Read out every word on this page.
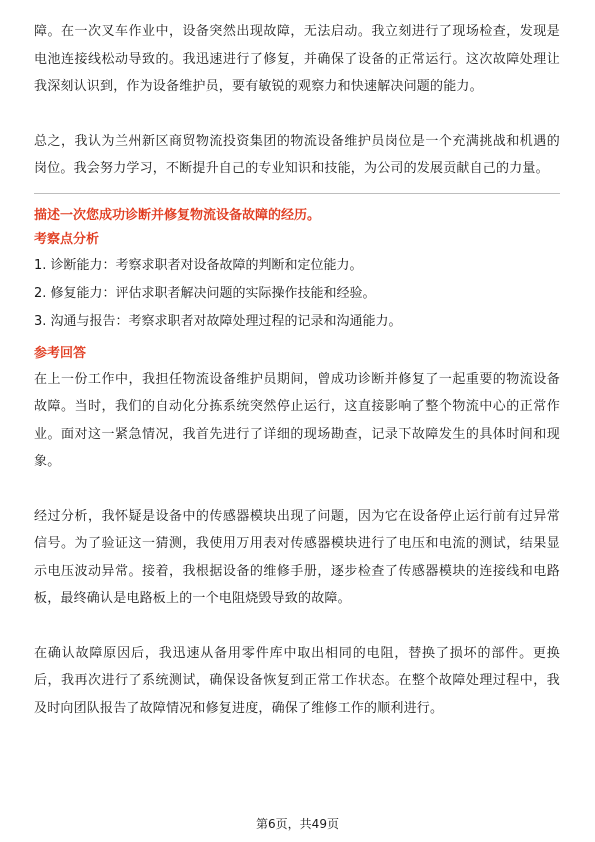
障。在一次叉车作业中，设备突然出现故障，无法启动。我立刻进行了现场检查，发现是电池连接线松动导致的。我迅速进行了修复，并确保了设备的正常运行。这次故障处理让我深刻认识到，作为设备维护员，要有敏锐的观察力和快速解决问题的能力。

总之，我认为兰州新区商贸物流投资集团的物流设备维护员岗位是一个充满挑战和机遇的岗位。我会努力学习，不断提升自己的专业知识和技能，为公司的发展贡献自己的力量。

描述一次您成功诊断并修复物流设备故障的经历。

考察点分析

1. 诊断能力：考察求职者对设备故障的判断和定位能力。

2. 修复能力：评估求职者解决问题的实际操作技能和经验。

3. 沟通与报告：考察求职者对故障处理过程的记录和沟通能力。

参考回答

在上一份工作中，我担任物流设备维护员期间，曾成功诊断并修复了一起重要的物流设备故障。当时，我们的自动化分拣系统突然停止运行，这直接影响了整个物流中心的正常作业。面对这一紧急情况，我首先进行了详细的现场勘查，记录下故障发生的具体时间和现象。

经过分析，我怀疑是设备中的传感器模块出现了问题，因为它在设备停止运行前有过异常信号。为了验证这一猜测，我使用万用表对传感器模块进行了电压和电流的测试，结果显示电压波动异常。接着，我根据设备的维修手册，逐步检查了传感器模块的连接线和电路板，最终确认是电路板上的一个电阻烧毁导致的故障。

在确认故障原因后，我迅速从备用零件库中取出相同的电阻，替换了损坏的部件。更换后，我再次进行了系统测试，确保设备恢复到正常工作状态。在整个故障处理过程中，我及时向团队报告了故障情况和修复进度，确保了维修工作的顺利进行。

第6页，共49页
